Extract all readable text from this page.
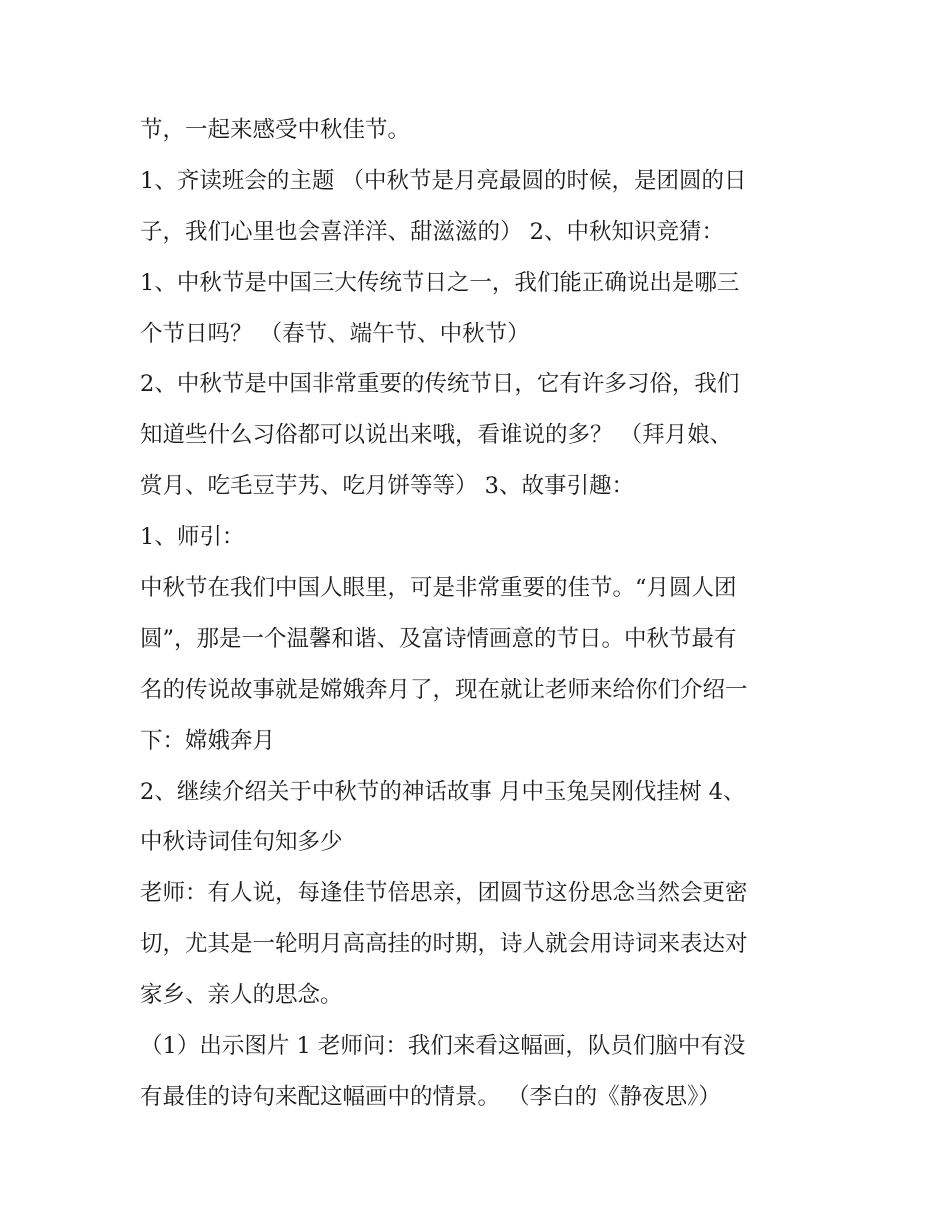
节，一起来感受中秋佳节。

1、齐读班会的主题 （中秋节是月亮最圆的时候，是团圆的日

子，我们心里也会喜洋洋、甜滋滋的） 2、中秋知识竞猜：

1、中秋节是中国三大传统节日之一，我们能正确说出是哪三

个节日吗？ （春节、端午节、中秋节）

2、中秋节是中国非常重要的传统节日，它有许多习俗，我们

知道些什么习俗都可以说出来哦，看谁说的多？ （拜月娘、

赏月、吃毛豆芋艿、吃月饼等等） 3、故事引趣：

1、师引：

中秋节在我们中国人眼里，可是非常重要的佳节。“月圆人团

圆”，那是一个温馨和谐、及富诗情画意的节日。中秋节最有

名的传说故事就是嫦娥奔月了，现在就让老师来给你们介绍一

下：嫦娥奔月

2、继续介绍关于中秋节的神话故事 月中玉兔吴刚伐挂树 4、

中秋诗词佳句知多少

老师：有人说，每逢佳节倍思亲，团圆节这份思念当然会更密

切，尤其是一轮明月高高挂的时期，诗人就会用诗词来表达对

家乡、亲人的思念。

（1）出示图片 1 老师问：我们来看这幅画，队员们脑中有没

有最佳的诗句来配这幅画中的情景。 （李白的《静夜思》）
